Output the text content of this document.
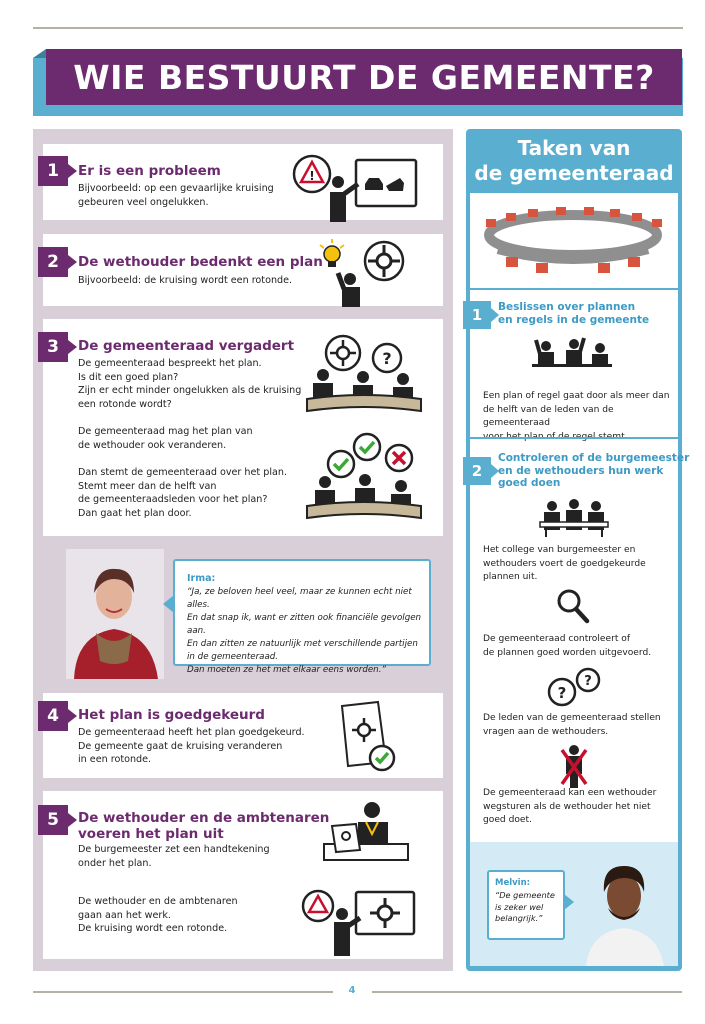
4
WIE BESTUURT DE GEMEENTE?
Er is een probleem

Bijvoorbeeld: op een gevaarlijke kruising
gebeuren veel ongelukken.

1	!
De wethouder bedenkt een plan

Bijvoorbeeld: de kruising wordt een rotonde.

2
De gemeenteraad vergadert

De gemeenteraad bespreekt het plan.
Is dit een goed plan?
Zijn er echt minder ongelukken als de kruising
een rotonde wordt?

De gemeenteraad mag het plan van
de wethouder ook veranderen.

Dan stemt de gemeenteraad over het plan.
Stemt meer dan de helft van
de gemeenteraadsleden voor het plan?
Dan gaat het plan door.

3
?
Irma:
“Ja, ze beloven heel veel, maar ze kunnen echt niet alles.
En dat snap ik, want er zitten ook financiële gevolgen aan.
En dan zitten ze natuurlijk met verschillende partijen
in de gemeenteraad.
Dan moeten ze het met elkaar eens worden.”
Het plan is goedgekeurd

De gemeenteraad heeft het plan goedgekeurd.
De gemeente gaat de kruising veranderen
in een rotonde.

4
De wethouder en de ambtenaren
voeren het plan uit

De burgemeester zet een handtekening
onder het plan.

De wethouder en de ambtenaren
gaan aan het werk.
De kruising wordt een rotonde.

5
Taken van
de gemeenteraad
1	Beslissen over plannen
en regels in de gemeente
Een plan of regel gaat door als meer dan
de helft van de leden van de gemeenteraad

2
Controleren of de burgemeester
en de wethouders hun werk
goed doen
Het college van burgemeester en
wethouders voert de goedgekeurde
plannen uit.
De gemeenteraad controleert of
de plannen goed worden uitgevoerd.
?
?
De leden van de gemeenteraad stellen
vragen aan de wethouders.
De gemeenteraad kan een wethouder
wegsturen als de wethouder het niet
goed doet.
Melvin:
“De gemeente
is zeker wel
belangrijk.”
